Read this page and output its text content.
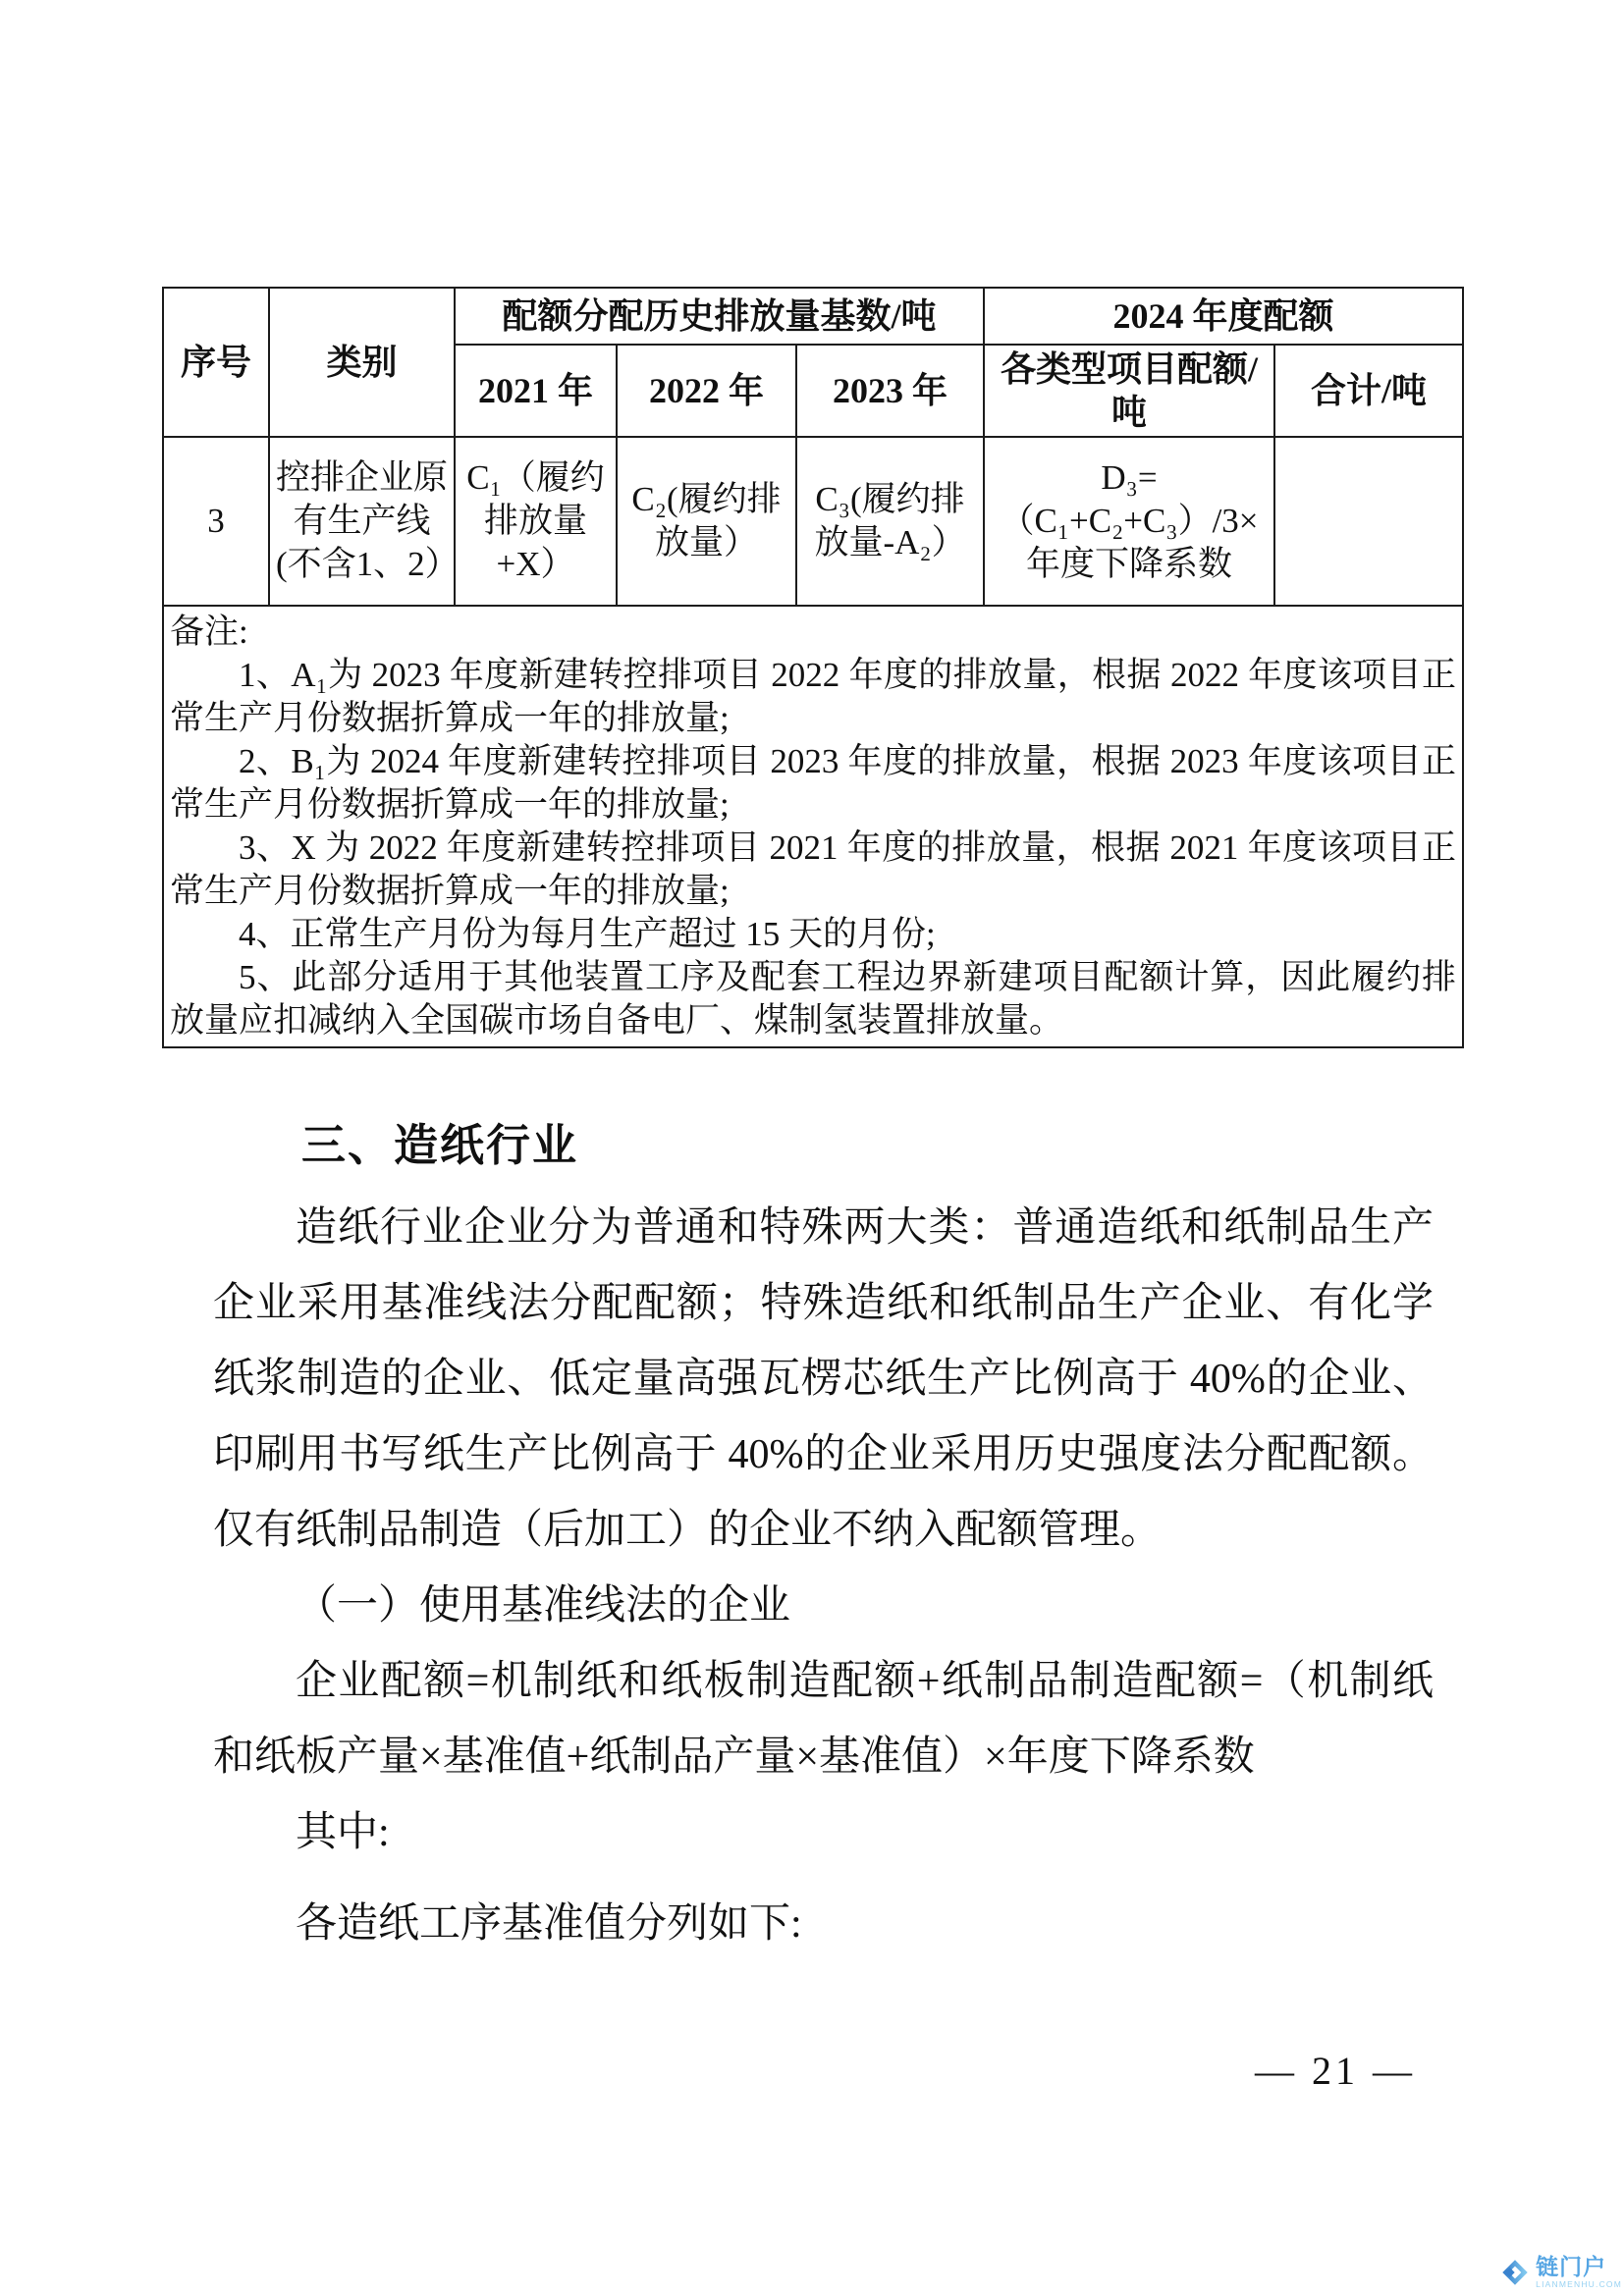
序号	类别	配额分配历史排放量基数/吨			2024 年度配额	
		2021 年	2022 年	2023 年	各类型项目配额/吨	合计/吨
3	控排企业原有生产线(不含1、2）	C₁（履约排放量+X）	C₂(履约排放量）	C₃(履约排放量-A₂）	D₃=（C₁+C₂+C₃）/3×年度下降系数	

备注:

1、A₁为 2023 年度新建转控排项目 2022 年度的排放量，根据 2022 年度该项目正常生产月份数据折算成一年的排放量;

2、B₁为 2024 年度新建转控排项目 2023 年度的排放量，根据 2023 年度该项目正常生产月份数据折算成一年的排放量;

3、X 为 2022 年度新建转控排项目 2021 年度的排放量，根据 2021 年度该项目正常生产月份数据折算成一年的排放量;

4、正常生产月份为每月生产超过 15 天的月份;

5、此部分适用于其他装置工序及配套工程边界新建项目配额计算，因此履约排放量应扣减纳入全国碳市场自备电厂、煤制氢装置排放量。

三、造纸行业

造纸行业企业分为普通和特殊两大类：普通造纸和纸制品生产企业采用基准线法分配配额；特殊造纸和纸制品生产企业、有化学纸浆制造的企业、低定量高强瓦楞芯纸生产比例高于 40%的企业、印刷用书写纸生产比例高于 40%的企业采用历史强度法分配配额。仅有纸制品制造（后加工）的企业不纳入配额管理。

（一）使用基准线法的企业

企业配额=机制纸和纸板制造配额+纸制品制造配额=（机制纸和纸板产量×基准值+纸制品产量×基准值）×年度下降系数

其中:

各造纸工序基准值分列如下:

— 21 —
链门户
LIANMENHU.COM
